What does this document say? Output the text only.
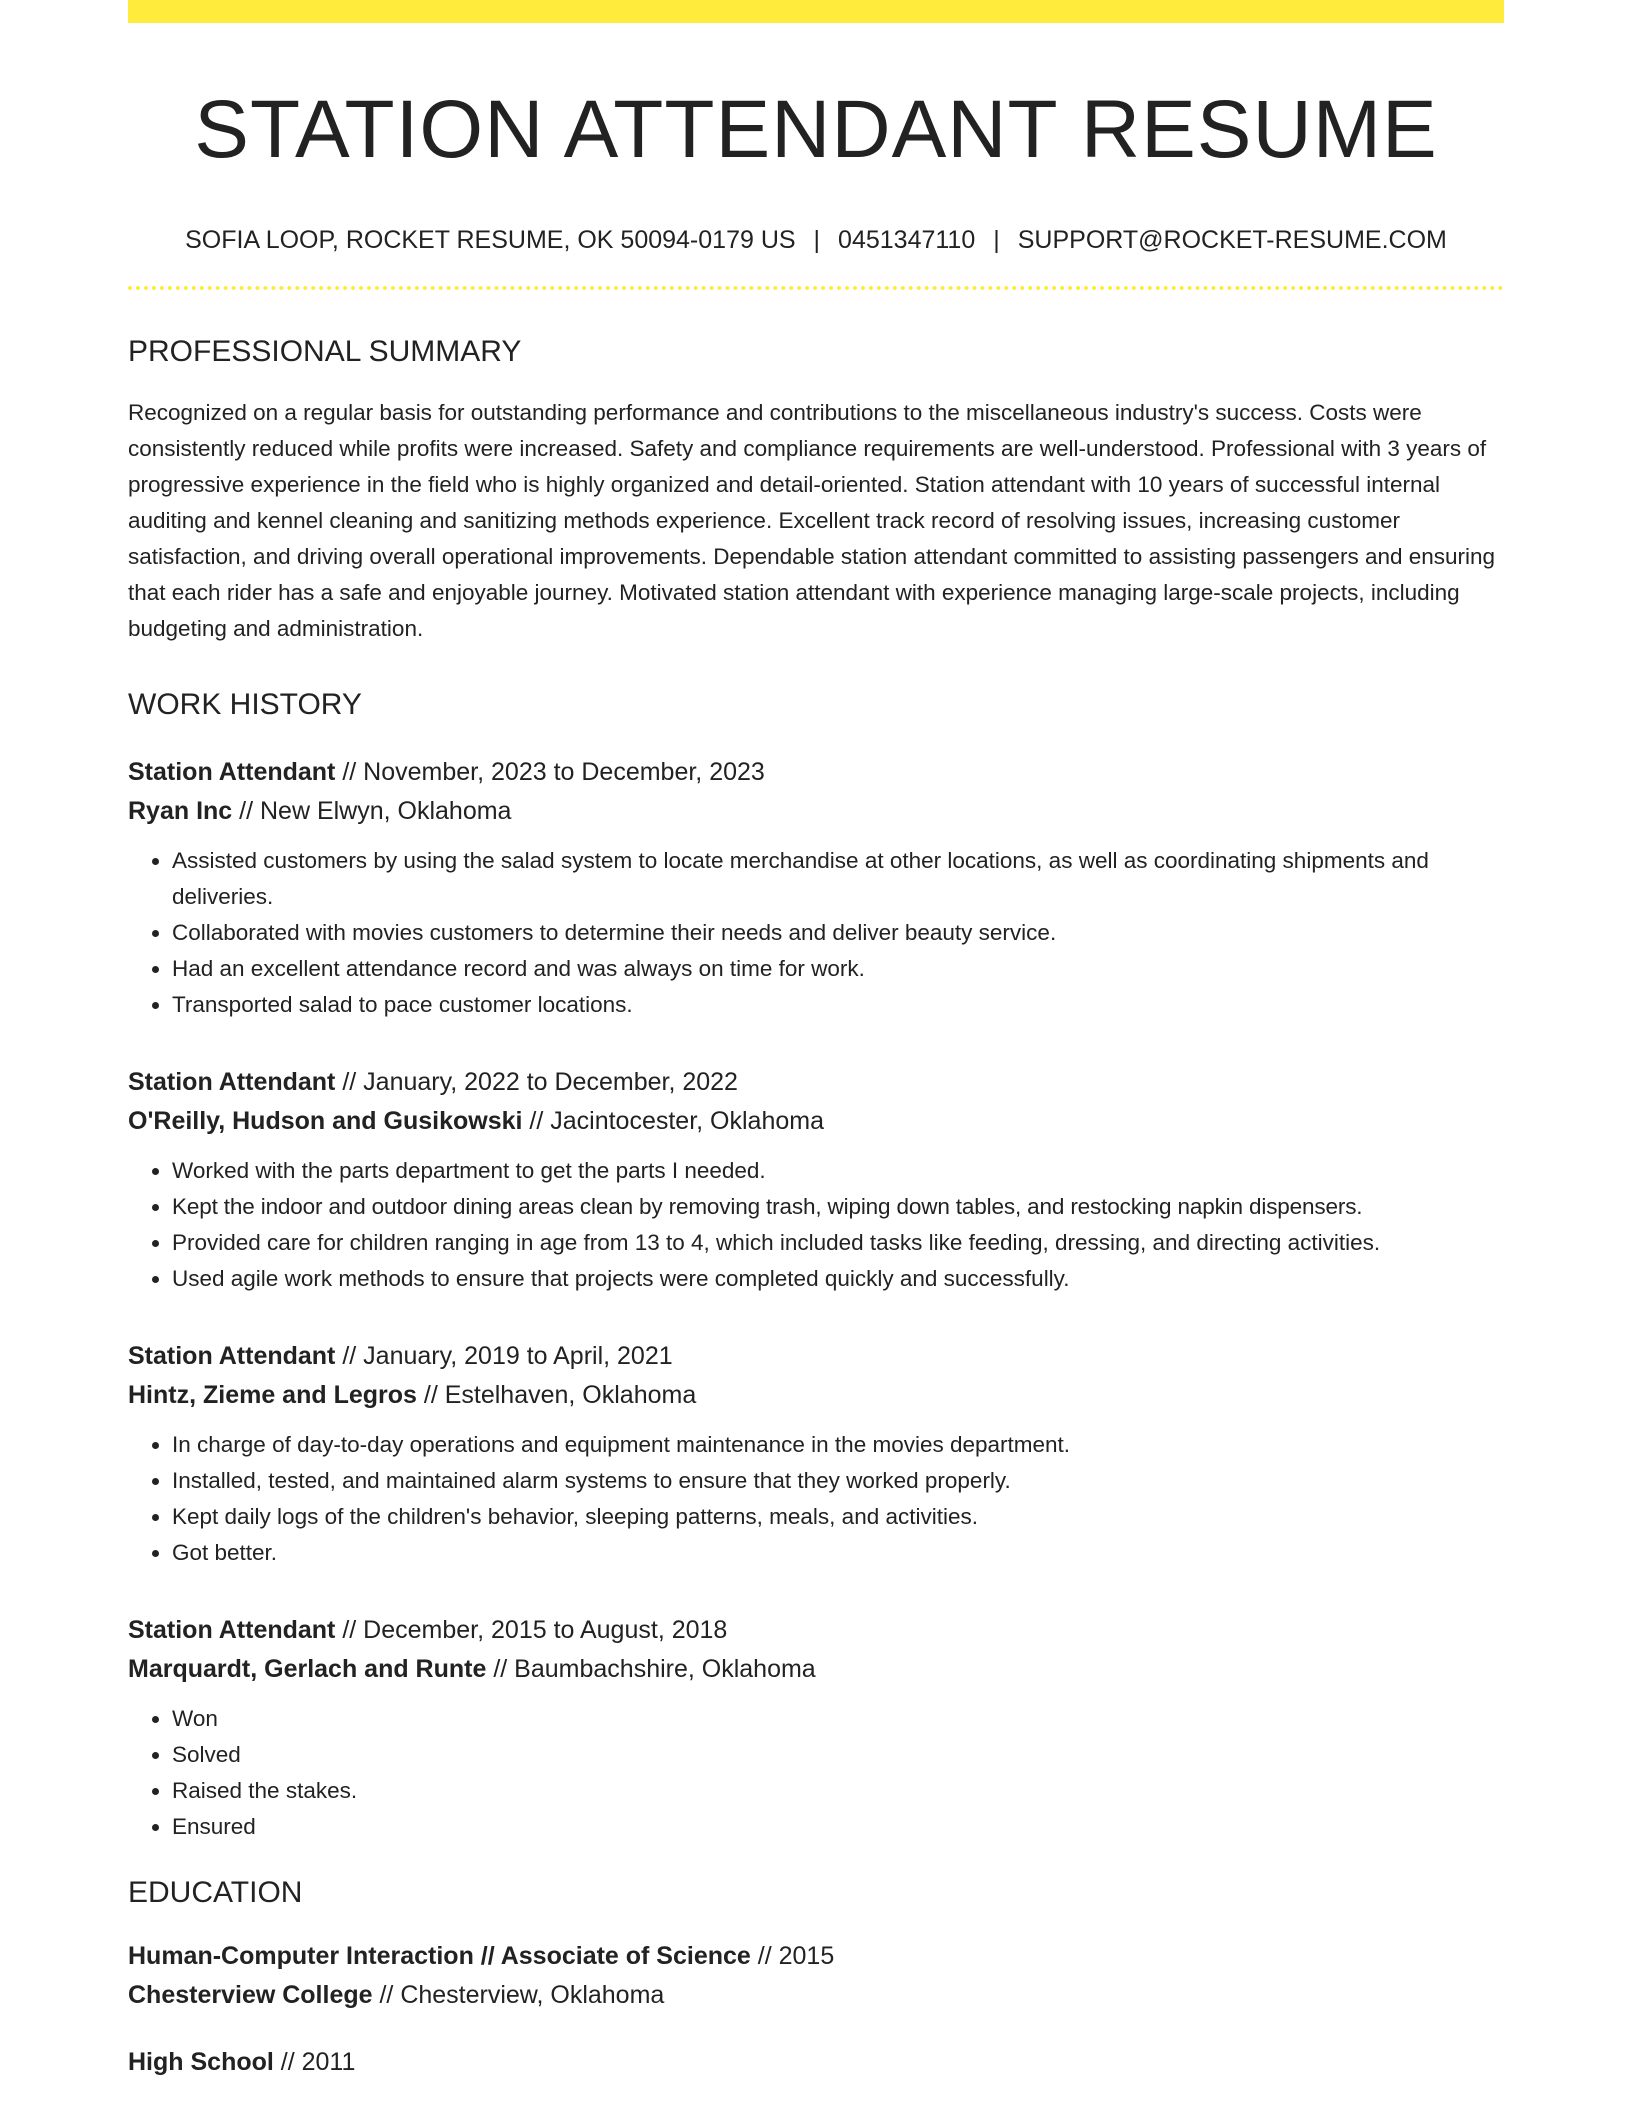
STATION ATTENDANT RESUME
SOFIA LOOP, ROCKET RESUME, OK 50094-0179 US | 0451347110 | SUPPORT@ROCKET-RESUME.COM
PROFESSIONAL SUMMARY
Recognized on a regular basis for outstanding performance and contributions to the miscellaneous industry's success. Costs were consistently reduced while profits were increased. Safety and compliance requirements are well-understood. Professional with 3 years of progressive experience in the field who is highly organized and detail-oriented. Station attendant with 10 years of successful internal auditing and kennel cleaning and sanitizing methods experience. Excellent track record of resolving issues, increasing customer satisfaction, and driving overall operational improvements. Dependable station attendant committed to assisting passengers and ensuring that each rider has a safe and enjoyable journey. Motivated station attendant with experience managing large-scale projects, including budgeting and administration.
WORK HISTORY
Station Attendant // November, 2023 to December, 2023
Ryan Inc // New Elwyn, Oklahoma
• Assisted customers by using the salad system to locate merchandise at other locations, as well as coordinating shipments and deliveries.
• Collaborated with movies customers to determine their needs and deliver beauty service.
• Had an excellent attendance record and was always on time for work.
• Transported salad to pace customer locations.
Station Attendant // January, 2022 to December, 2022
O'Reilly, Hudson and Gusikowski // Jacintocester, Oklahoma
• Worked with the parts department to get the parts I needed.
• Kept the indoor and outdoor dining areas clean by removing trash, wiping down tables, and restocking napkin dispensers.
• Provided care for children ranging in age from 13 to 4, which included tasks like feeding, dressing, and directing activities.
• Used agile work methods to ensure that projects were completed quickly and successfully.
Station Attendant // January, 2019 to April, 2021
Hintz, Zieme and Legros // Estelhaven, Oklahoma
• In charge of day-to-day operations and equipment maintenance in the movies department.
• Installed, tested, and maintained alarm systems to ensure that they worked properly.
• Kept daily logs of the children's behavior, sleeping patterns, meals, and activities.
• Got better.
Station Attendant // December, 2015 to August, 2018
Marquardt, Gerlach and Runte // Baumbachshire, Oklahoma
• Won
• Solved
• Raised the stakes.
• Ensured
EDUCATION
Human-Computer Interaction // Associate of Science // 2015
Chesterview College // Chesterview, Oklahoma
High School // 2011
